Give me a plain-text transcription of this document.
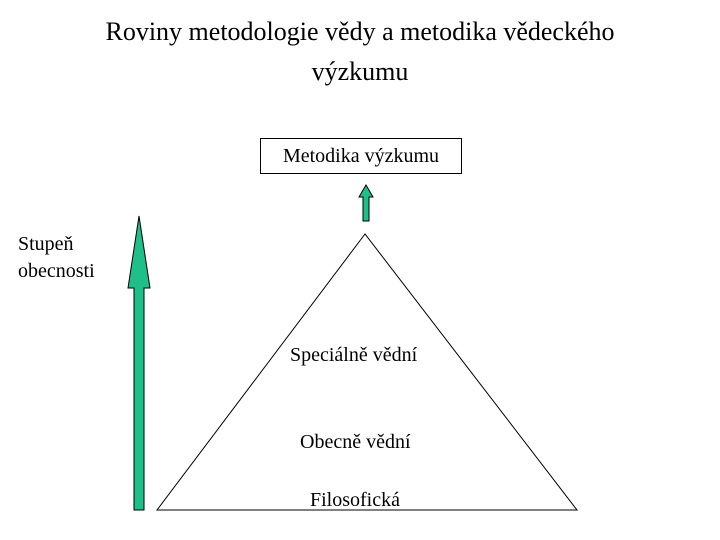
Roviny metodologie vědy a metodika vědeckého výzkumu
Metodika výzkumu
Stupeň
obecnosti
Speciálně vědní
Obecně vědní
Filosofická
